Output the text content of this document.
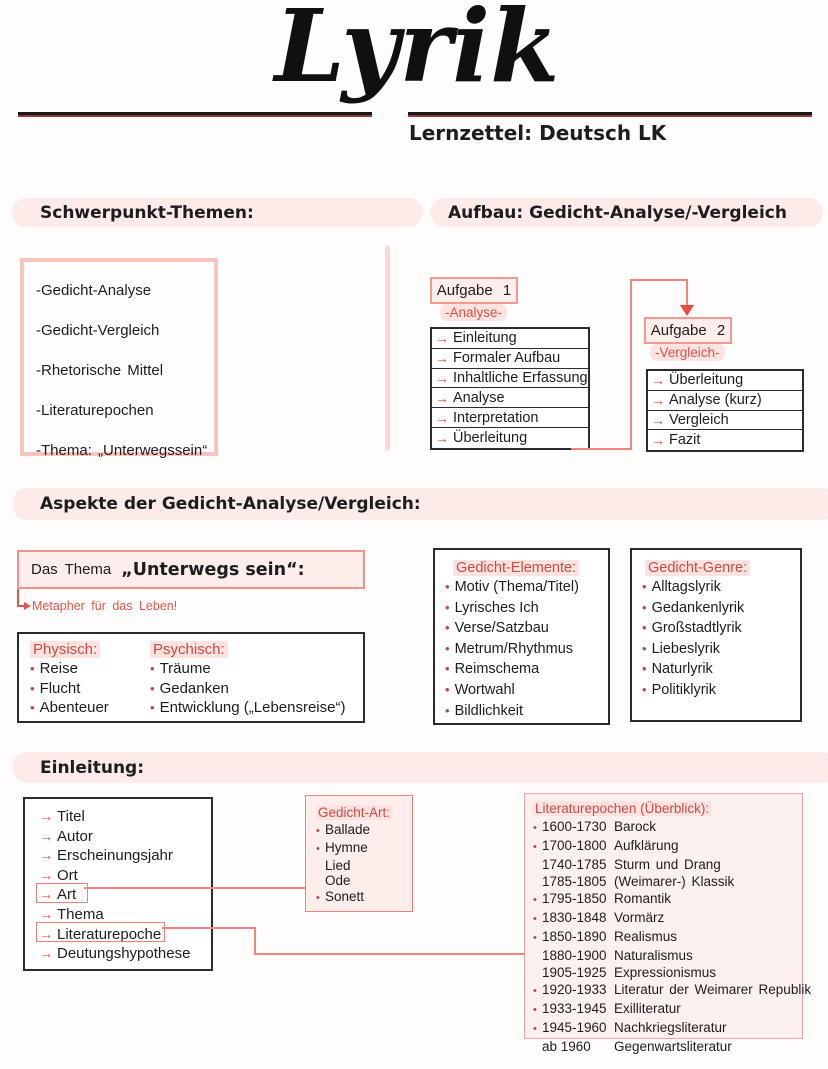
Lyrik
Lernzettel: Deutsch LK
Schwerpunkt-Themen:	Aufbau: Gedicht-Analyse/-Vergleich
-Gedicht-Analyse
-Gedicht-Vergleich
-Rhetorische Mittel
-Literaturepochen
-Thema: „Unterwegssein“
Aufgabe 1
-Analyse-
→ Einleitung
→ Formaler Aufbau
→ Inhaltliche Erfassung
→ Analyse
→ Interpretation
→ Überleitung
Aufgabe 2
-Vergleich-
→ Überleitung
→ Analyse (kurz)
→ Vergleich
→ Fazit
Aspekte der Gedicht-Analyse/Vergleich:
Das Thema „Unterwegs sein“:
Metapher für das Leben!
Physisch:
• Reise
• Flucht
• Abenteuer
Psychisch:
• Träume
• Gedanken
• Entwicklung („Lebensreise“)
Gedicht-Elemente:
• Motiv (Thema/Titel)
• Lyrisches Ich
• Verse/Satzbau
• Metrum/Rhythmus
• Reimschema
• Wortwahl
• Bildlichkeit
Gedicht-Genre:
• Alltagslyrik
• Gedankenlyrik
• Großstadtlyrik
• Liebeslyrik
• Naturlyrik
• Politiklyrik
Einleitung:
→ Titel
→ Autor
→ Erscheinungsjahr
→ Ort
→ Art
→ Thema
→ Literaturepoche
→ Deutungshypothese
Gedicht-Art:
• Ballade
• Hymne
Lied
Ode
• Sonett
Literaturepochen (Überblick):
• 1600-1730 Barock
• 1700-1800 Aufklärung
1740-1785 Sturm und Drang
1785-1805 (Weimarer-) Klassik
• 1795-1850 Romantik
• 1830-1848 Vormärz
• 1850-1890 Realismus
1880-1900 Naturalismus
1905-1925 Expressionismus
• 1920-1933 Literatur der Weimarer Republik
• 1933-1945 Exilliteratur
• 1945-1960 Nachkriegsliteratur
ab 1960	Gegenwartsliteratur
